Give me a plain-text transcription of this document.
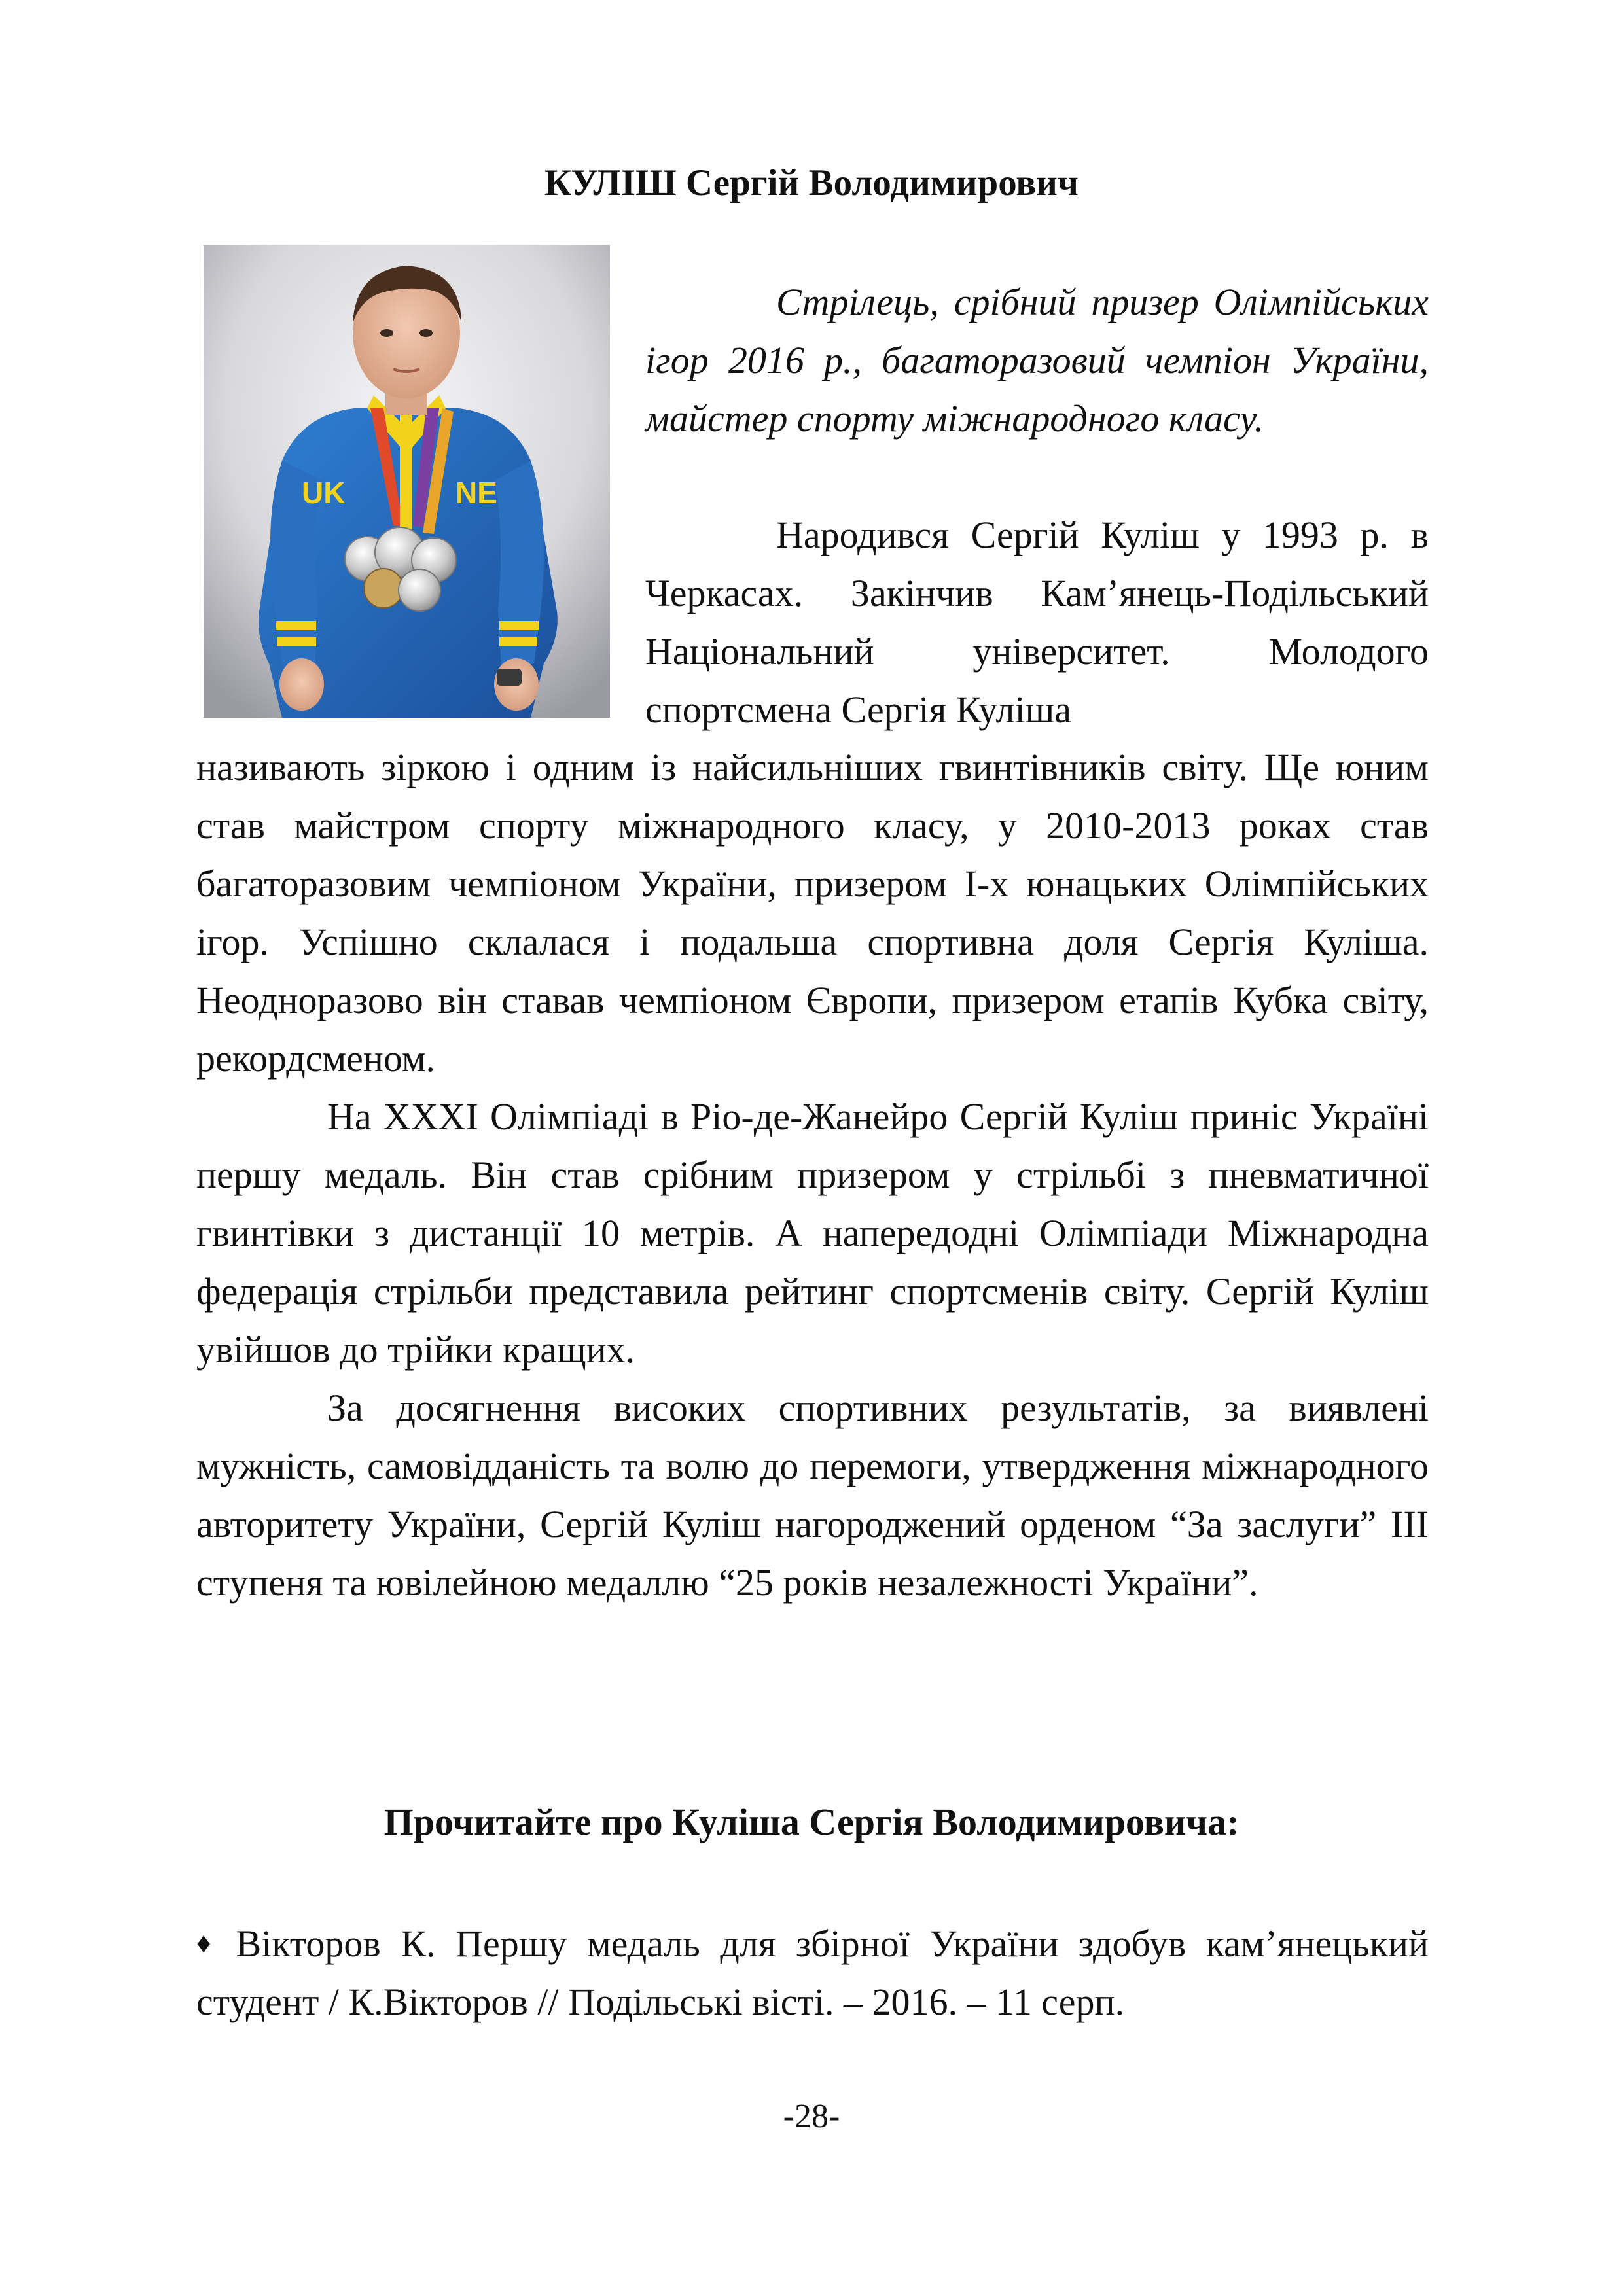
КУЛІШ Сергій Володимирович
UK	NE

Стрілець, срібний призер Олімпійських ігор 2016 р., багаторазовий чемпіон України, майстер спорту міжнародного класу.

Народився Сергій Куліш у 1993 р. в Черкасах. Закінчив Кам’янець-Подільський Національний університет. Молодого спортсмена Сергія Куліша

називають зіркою і одним із найсильніших гвинтівників світу. Ще юним став майстром спорту міжнародного класу, у 2010-2013 роках став багаторазовим чемпіоном України, призером І-х юнацьких Олімпійських ігор. Успішно склалася і подальша спортивна доля Сергія Куліша. Неодноразово він ставав чемпіоном Європи, призером етапів Кубка світу, рекордсменом.

На ХХХІ Олімпіаді в Ріо-де-Жанейро Сергій Куліш приніс Україні першу медаль. Він став срібним призером у стрільбі з пневматичної гвинтівки з дистанції 10 метрів. А напередодні Олімпіади Міжнародна федерація стрільби представила рейтинг спортсменів світу. Сергій Куліш увійшов до трійки кращих.

За досягнення високих спортивних результатів, за виявлені мужність, самовідданість та волю до перемоги, утвердження міжнародного авторитету України, Сергій Куліш нагороджений орденом “За заслуги” ІІІ ступеня та ювілейною медаллю “25 років незалежності України”.

Прочитайте про Куліша Сергія Володимировича:

♦ Вікторов К. Першу медаль для збірної України здобув кам’янецький студент / К.Вікторов // Подільські вісті. – 2016. – 11 серп.

-28-
